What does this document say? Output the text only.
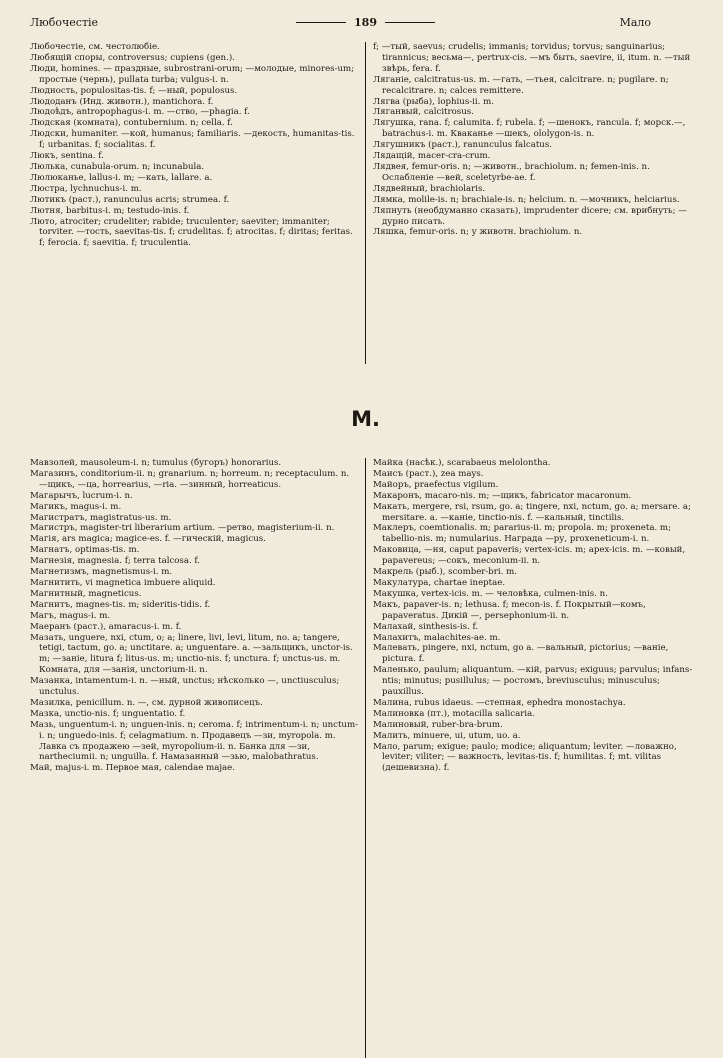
Любочестіе	189	Мало

Любочестіе, см. честолюбіе.

Любящій споры, controversus; cupiens (gen.).

Люди, homines. — праздные, subrostrani-orum; —молодые, minores-um; простые (чернь), pullata turba; vulgus-i. n.

Людность, populositas-tis. f; —ный, populosus.

Людоданъ (Инд. животн.), mantichora. f.

Людоѣдъ, antropophagus-i. m. —ство, —phagia. f.

Людская (комната), contubernium. n; cella. f.

Людски, humaniter. —кой, humanus; familiaris. —декость, humanitas-tis. f; urbanitas. f; socialitas. f.

Люкъ, sentina. f.

Люлька, cunabula-orum. n; incunabula.

Люлюканье, lallus-i. m; —кать, lallare. a.

Люстра, lychnuchus-i. m.

Лютикъ (раст.), ranunculus acris; strumea. f.

Лютня, barbitus-i. m; testudo-inis. f.

Люто, atrociter; crudeliter; rabide; truculenter; saeviter; immaniter; torviter. —тость, saevitas-tis. f; crudelitas. f; atrocitas. f; diritas; feritas. f; ferocia. f; saevitia. f; truculentia.

f; —тый, saevus; crudelis; immanis; torvidus; torvus; sanguinarius; tirannicus; весьма—, pertrux-cis. —мъ быть, saevire, ii, itum. n. —тый звѣрь, fera. f.

Ляганіе, calcitratus-us. m. —гать, —тьея, calcitrare. n; pugilare. n; recalcitrare. n; calces remittere.

Лягва (рыба), lophius-ii. m.

Ляганвый, calcitrosus.

Лягушка, rana. f; calumita. f; rubela. f; —шенокъ, rancula. f; морск.—, batrachus-i. m. Кваканье —шекъ, ololygon-is. n.

Лягушникъ (раст.), ranunculus falcatus.

Лядащій, macer-cra-crum.

Лядвея, femur-oris. n; —животн., brachiolum. n; femen-inis. n. Ослабленіе —вей, sceletyrbe-ae. f.

Лядвейный, brachiolaris.

Лямка, molile-is. n; brachiale-is. n; helcium. n. —мочникъ, helciarius.

Ляпнуть (необдуманно сказать), imprudenter dicere; см. врибнуть; — дурно писать.

Ляшка, femur-oris. n; у животн. brachiolum. n.

М.

Мавзолей, mausoleum-i. n; tumulus (бугоръ) honorarius.

Магазинъ, conditorium-ii. n; granarium. n; horreum. n; receptaculum. n. —щикъ, —ца, horrearius, —ria. —зинный, horreaticus.

Магарычъ, lucrum-i. n.

Магикъ, magus-i. m.

Магистратъ, magistratus-us. m.

Магистръ, magister-tri liberarium artium. —ретво, magisterium-ii. n.

Магія, ars magica; magice-es. f. —гическій, magicus.

Магнатъ, optimas-tis. m.

Магнезія, magnesia. f; terra talcosa. f.

Магнетизмъ, magnetismus-i. m.

Магнитить, vi magnetica imbuere aliquid.

Магнитный, magneticus.

Магнитъ, magnes-tis. m; sideritis-tidis. f.

Магъ, magus-i. m.

Маеранъ (раст.), amaracus-i. m. f.

Мазать, unguere, nxi, ctum, o; a; linere, livi, levi, litum, no. a; tangere, tetigi, tactum, go. a; unctitare. a; unguentare. a. —зальщикъ, unctor-is. m; —заніе, litura f; litus-us. m; unctio-nis. f; unctura. f; unctus-us. m. Комната, для —занія, unctorium-ii. n.

Мазанка, intamentum-i. n. —ный, unctus; нѣсколько —, unctiusculus; unctulus.

Мазилка, penicillum. n. —, см. дурной живописецъ.

Мазка, unctio-nis. f; unguentatio. f.

Мазь, unguentum-i. n; unguen-inis. n; ceroma. f; intrimentum-i. n; unctum-i. n; unguedo-inis. f; celagmatium. n. Продавецъ —зи, myropola. m. Лавка съ продажею —зей, myropolium-ii. n. Банка для —зи, nartheciumii. n; unguilla. f. Намазанный —зью, malobathratus.

Май, majus-i. m. Первое мая, calendae majae.

Майка (насѣк.), scarabaeus melolontha.

Маисъ (раст.), zea mays.

Майоръ, praefectus vigilum.

Макаронъ, macaro-nis. m; —щикъ, fabricator macaronum.

Макать, mergere, rsi, rsum, go. a; tingere, nxi, nctum, go. a; mersare. a; mersitare. a. —каніе, tinctio-nis. f. —кальный, tinctilis.

Маклеръ, coemtionalis. m; pararius-ii. m; propola. m; proxeneta. m; tabellio-nis. m; numularius. Награда —ру, proxeneticum-i. n.

Маковица, —ня, caput papaveris; vertex-icis. m; apex-icis. m. —ковый, papavereus; —сокъ, meconium-ii. n.

Макрель (рыб.), scomber-bri. m.

Макулатура, chartae ineptae.

Макушка, vertex-icis. m. — человѣка, culmen-inis. n.

Макъ, papaver-is. n; lethusa. f; mecon-is. f. Покрытый—комъ, papaveratus. Дикій —, persephonium-ii. n.

Малахай, sinthesis-is. f.

Малахитъ, malachites-ae. m.

Малевать, pingere, nxi, nctum, go a. —вальный, pictorius; —ваніе, pictura. f.

Маленько, paulum; aliquantum. —кій, parvus; exiguus; parvulus; infans-ntis; minutus; pusillulus; — ростомъ, breviusculus; minusculus; pauxillus.

Малина, rubus idaeus. —степная, ephedra monostachya.

Малиновка (пт.), motacilla salicaria.

Малиновый, ruber-bra-brum.

Малить, minuere, ui, utum, uo. a.

Мало, parum; exigue; paulo; modice; aliquantum; leviter. —ловажно, leviter; viliter; — важность, levitas-tis. f; humilitas. f; mt. vilitas (дешевизна). f.
